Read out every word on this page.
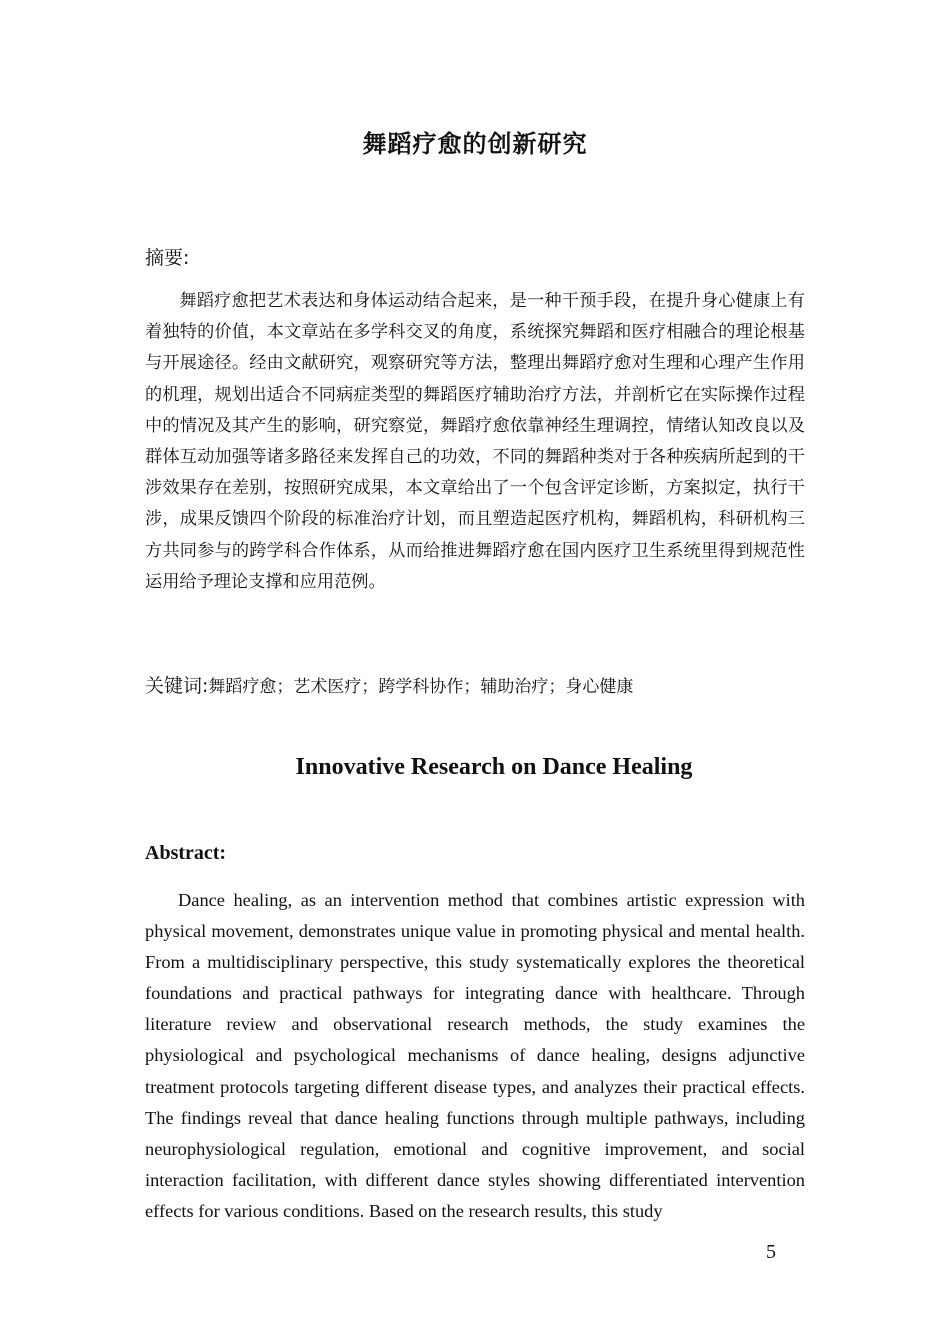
舞蹈疗愈的创新研究
摘要:

舞蹈疗愈把艺术表达和身体运动结合起来，是一种干预手段，在提升身心健康上有着独特的价值，本文章站在多学科交叉的角度，系统探究舞蹈和医疗相融合的理论根基与开展途径。经由文献研究，观察研究等方法，整理出舞蹈疗愈对生理和心理产生作用的机理，规划出适合不同病症类型的舞蹈医疗辅助治疗方法，并剖析它在实际操作过程中的情况及其产生的影响，研究察觉，舞蹈疗愈依靠神经生理调控，情绪认知改良以及群体互动加强等诸多路径来发挥自己的功效，不同的舞蹈种类对于各种疾病所起到的干涉效果存在差别，按照研究成果，本文章给出了一个包含评定诊断，方案拟定，执行干涉，成果反馈四个阶段的标准治疗计划，而且塑造起医疗机构，舞蹈机构，科研机构三方共同参与的跨学科合作体系，从而给推进舞蹈疗愈在国内医疗卫生系统里得到规范性运用给予理论支撑和应用范例。

关键词:舞蹈疗愈；艺术医疗；跨学科协作；辅助治疗；身心健康
Innovative Research on Dance Healing
Abstract:

Dance healing, as an intervention method that combines artistic expression with physical movement, demonstrates unique value in promoting physical and mental health. From a multidisciplinary perspective, this study systematically explores the theoretical foundations and practical pathways for integrating dance with healthcare. Through literature review and observational research methods, the study examines the physiological and psychological mechanisms of dance healing, designs adjunctive treatment protocols targeting different disease types, and analyzes their practical effects. The findings reveal that dance healing functions through multiple pathways, including neurophysiological regulation, emotional and cognitive improvement, and social interaction facilitation, with different dance styles showing differentiated intervention effects for various conditions. Based on the research results, this study

5
